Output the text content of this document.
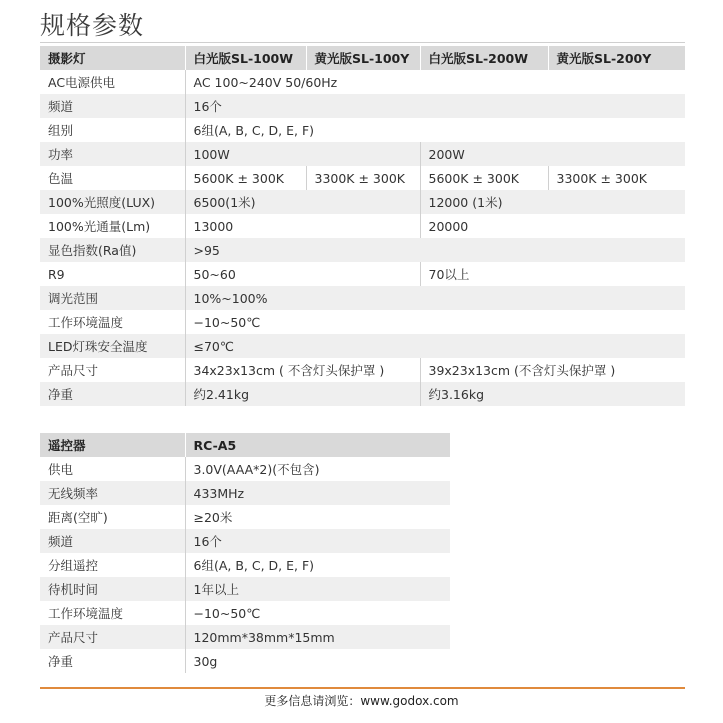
规格参数
摄影灯	白光版SL-100W	黄光版SL-100Y	白光版SL-200W	黄光版SL-200Y
AC电源供电	AC 100~240V 50/60Hz			
频道	16个			
组别	6组(A, B, C, D, E, F)			
功率	100W		200W	
色温	5600K ± 300K	3300K ± 300K	5600K ± 300K	3300K ± 300K
100%光照度(LUX)	6500(1米)		12000 (1米)	
100%光通量(Lm)	13000		20000	
显色指数(Ra值)	>95			
R9	50~60		70以上	
调光范围	10%~100%			
工作环境温度	−10~50℃			
LED灯珠安全温度	≤70℃			
产品尺寸	34x23x13cm ( 不含灯头保护罩 )		39x23x13cm (不含灯头保护罩 )	
净重	约2.41kg		约3.16kg	
遥控器	RC-A5
供电	3.0V(AAA*2)(不包含)
无线频率	433MHz
距离(空旷)	≥20米
频道	16个
分组遥控	6组(A, B, C, D, E, F)
待机时间	1年以上
工作环境温度	−10~50℃
产品尺寸	120mm*38mm*15mm
净重	30g
更多信息请浏览：www.godox.com
